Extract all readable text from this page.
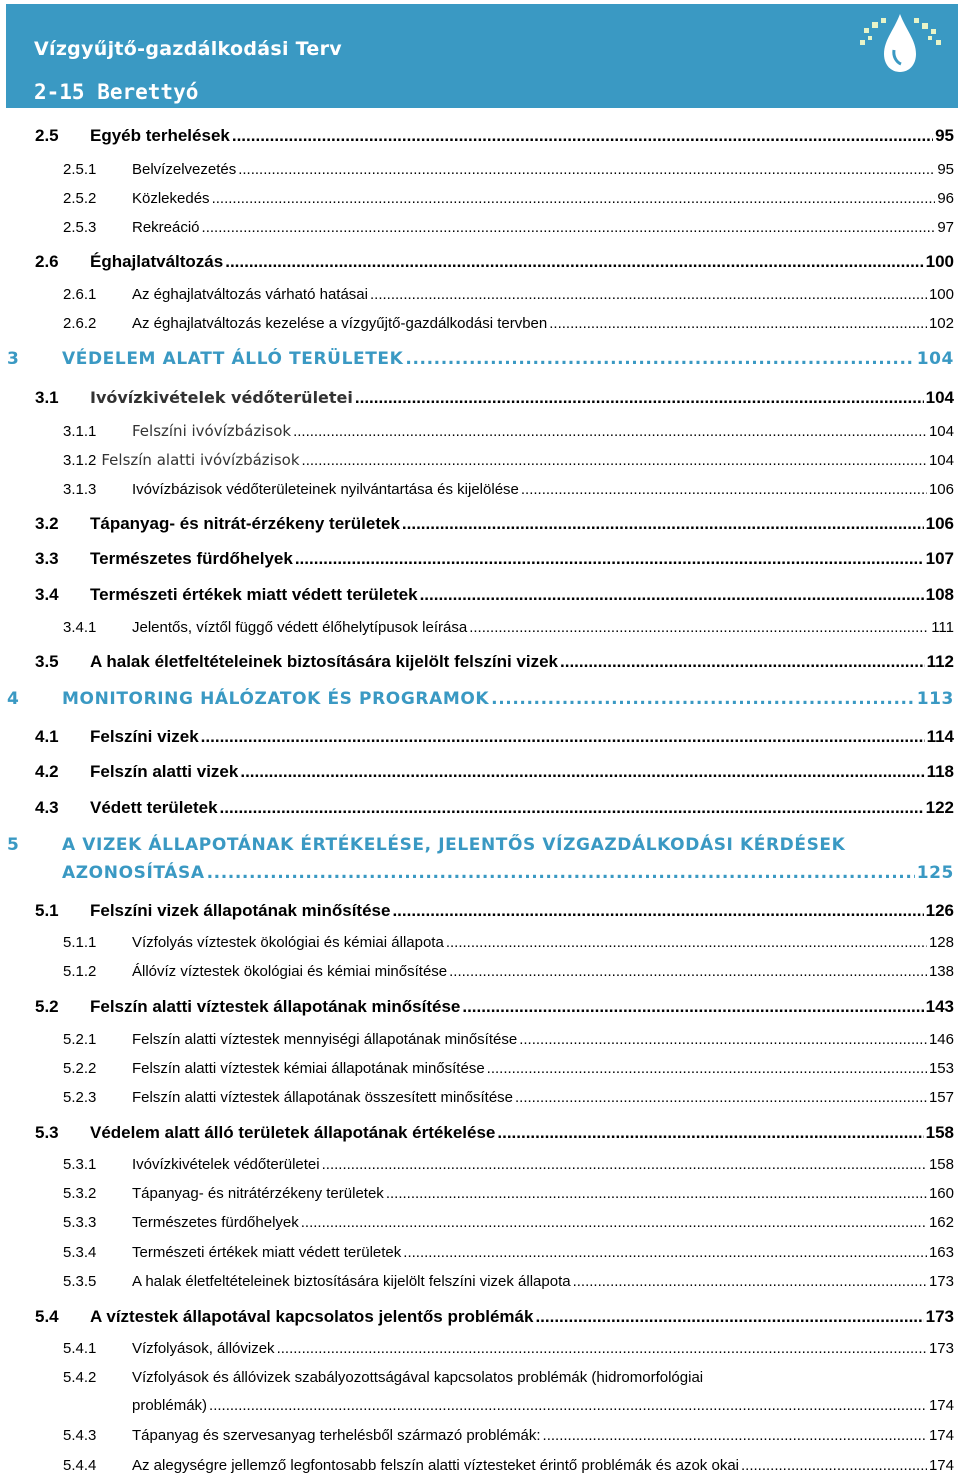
Vízgyűjtő-gazdálkodási Terv
2-15 Berettyó
2.5	Egyéb terhelések .....	95
2.5.1	Belvízelvezetés .....	95
2.5.2	Közlekedés .....	96
2.5.3	Rekreáció .....	97
2.6	Éghajlatváltozás .....	100
2.6.1	Az éghajlatváltozás várható hatásai .....	100
2.6.2	Az éghajlatváltozás kezelése a vízgyűjtő-gazdálkodási tervben .....	102
3	VÉDELEM ALATT ÁLLÓ TERÜLETEK .....	104
3.1	Ivóvízkivételek védőterületei .....	104
3.1.1	Felszíni ivóvízbázisok .....	104
3.1.2 Felszín alatti ivóvízbázisok .....	104
3.1.3	Ivóvízbázisok védőterületeinek nyilvántartása és kijelölése .....	106
3.2	Tápanyag- és nitrát-érzékeny területek .....	106
3.3	Természetes fürdőhelyek .....	107
3.4	Természeti értékek miatt védett területek .....	108
3.4.1	Jelentős, víztől függő védett élőhelytípusok leírása .....	111
3.5	A halak életfeltételeinek biztosítására kijelölt felszíni vizek .....	112
4	MONITORING HÁLÓZATOK ÉS PROGRAMOK .....	113
4.1	Felszíni vizek .....	114
4.2	Felszín alatti vizek .....	118
4.3	Védett területek .....	122
5	A VIZEK ÁLLAPOTÁNAK ÉRTÉKELÉSE, JELENTŐS VÍZGAZDÁLKODÁSI KÉRDÉSEK
AZONOSÍTÁSA .....	125
5.1	Felszíni vizek állapotának minősítése .....	126
5.1.1	Vízfolyás víztestek ökológiai és kémiai állapota .....	128
5.1.2	Állóvíz víztestek ökológiai és kémiai minősítése .....	138
5.2	Felszín alatti víztestek állapotának minősítése .....	143
5.2.1	Felszín alatti víztestek mennyiségi állapotának minősítése .....	146
5.2.2	Felszín alatti víztestek kémiai állapotának minősítése .....	153
5.2.3	Felszín alatti víztestek állapotának összesített minősítése .....	157
5.3	Védelem alatt álló területek állapotának értékelése .....	158
5.3.1	Ivóvízkivételek védőterületei .....	158
5.3.2	Tápanyag- és nitrátérzékeny területek .....	160
5.3.3	Természetes fürdőhelyek .....	162
5.3.4	Természeti értékek miatt védett területek .....	163
5.3.5	A halak életfeltételeinek biztosítására kijelölt felszíni vizek állapota .....	173
5.4	A víztestek állapotával kapcsolatos jelentős problémák .....	173
5.4.1	Vízfolyások, állóvizek .....	173
5.4.2	Vízfolyások és állóvizek szabályozottságával kapcsolatos problémák (hidromorfológiai
problémák) .....	174
5.4.3	Tápanyag és szervesanyag terhelésből származó problémák: .....	174
5.4.4	Az alegységre jellemző legfontosabb felszín alatti víztesteket érintő problémák és azok okai .....	174
